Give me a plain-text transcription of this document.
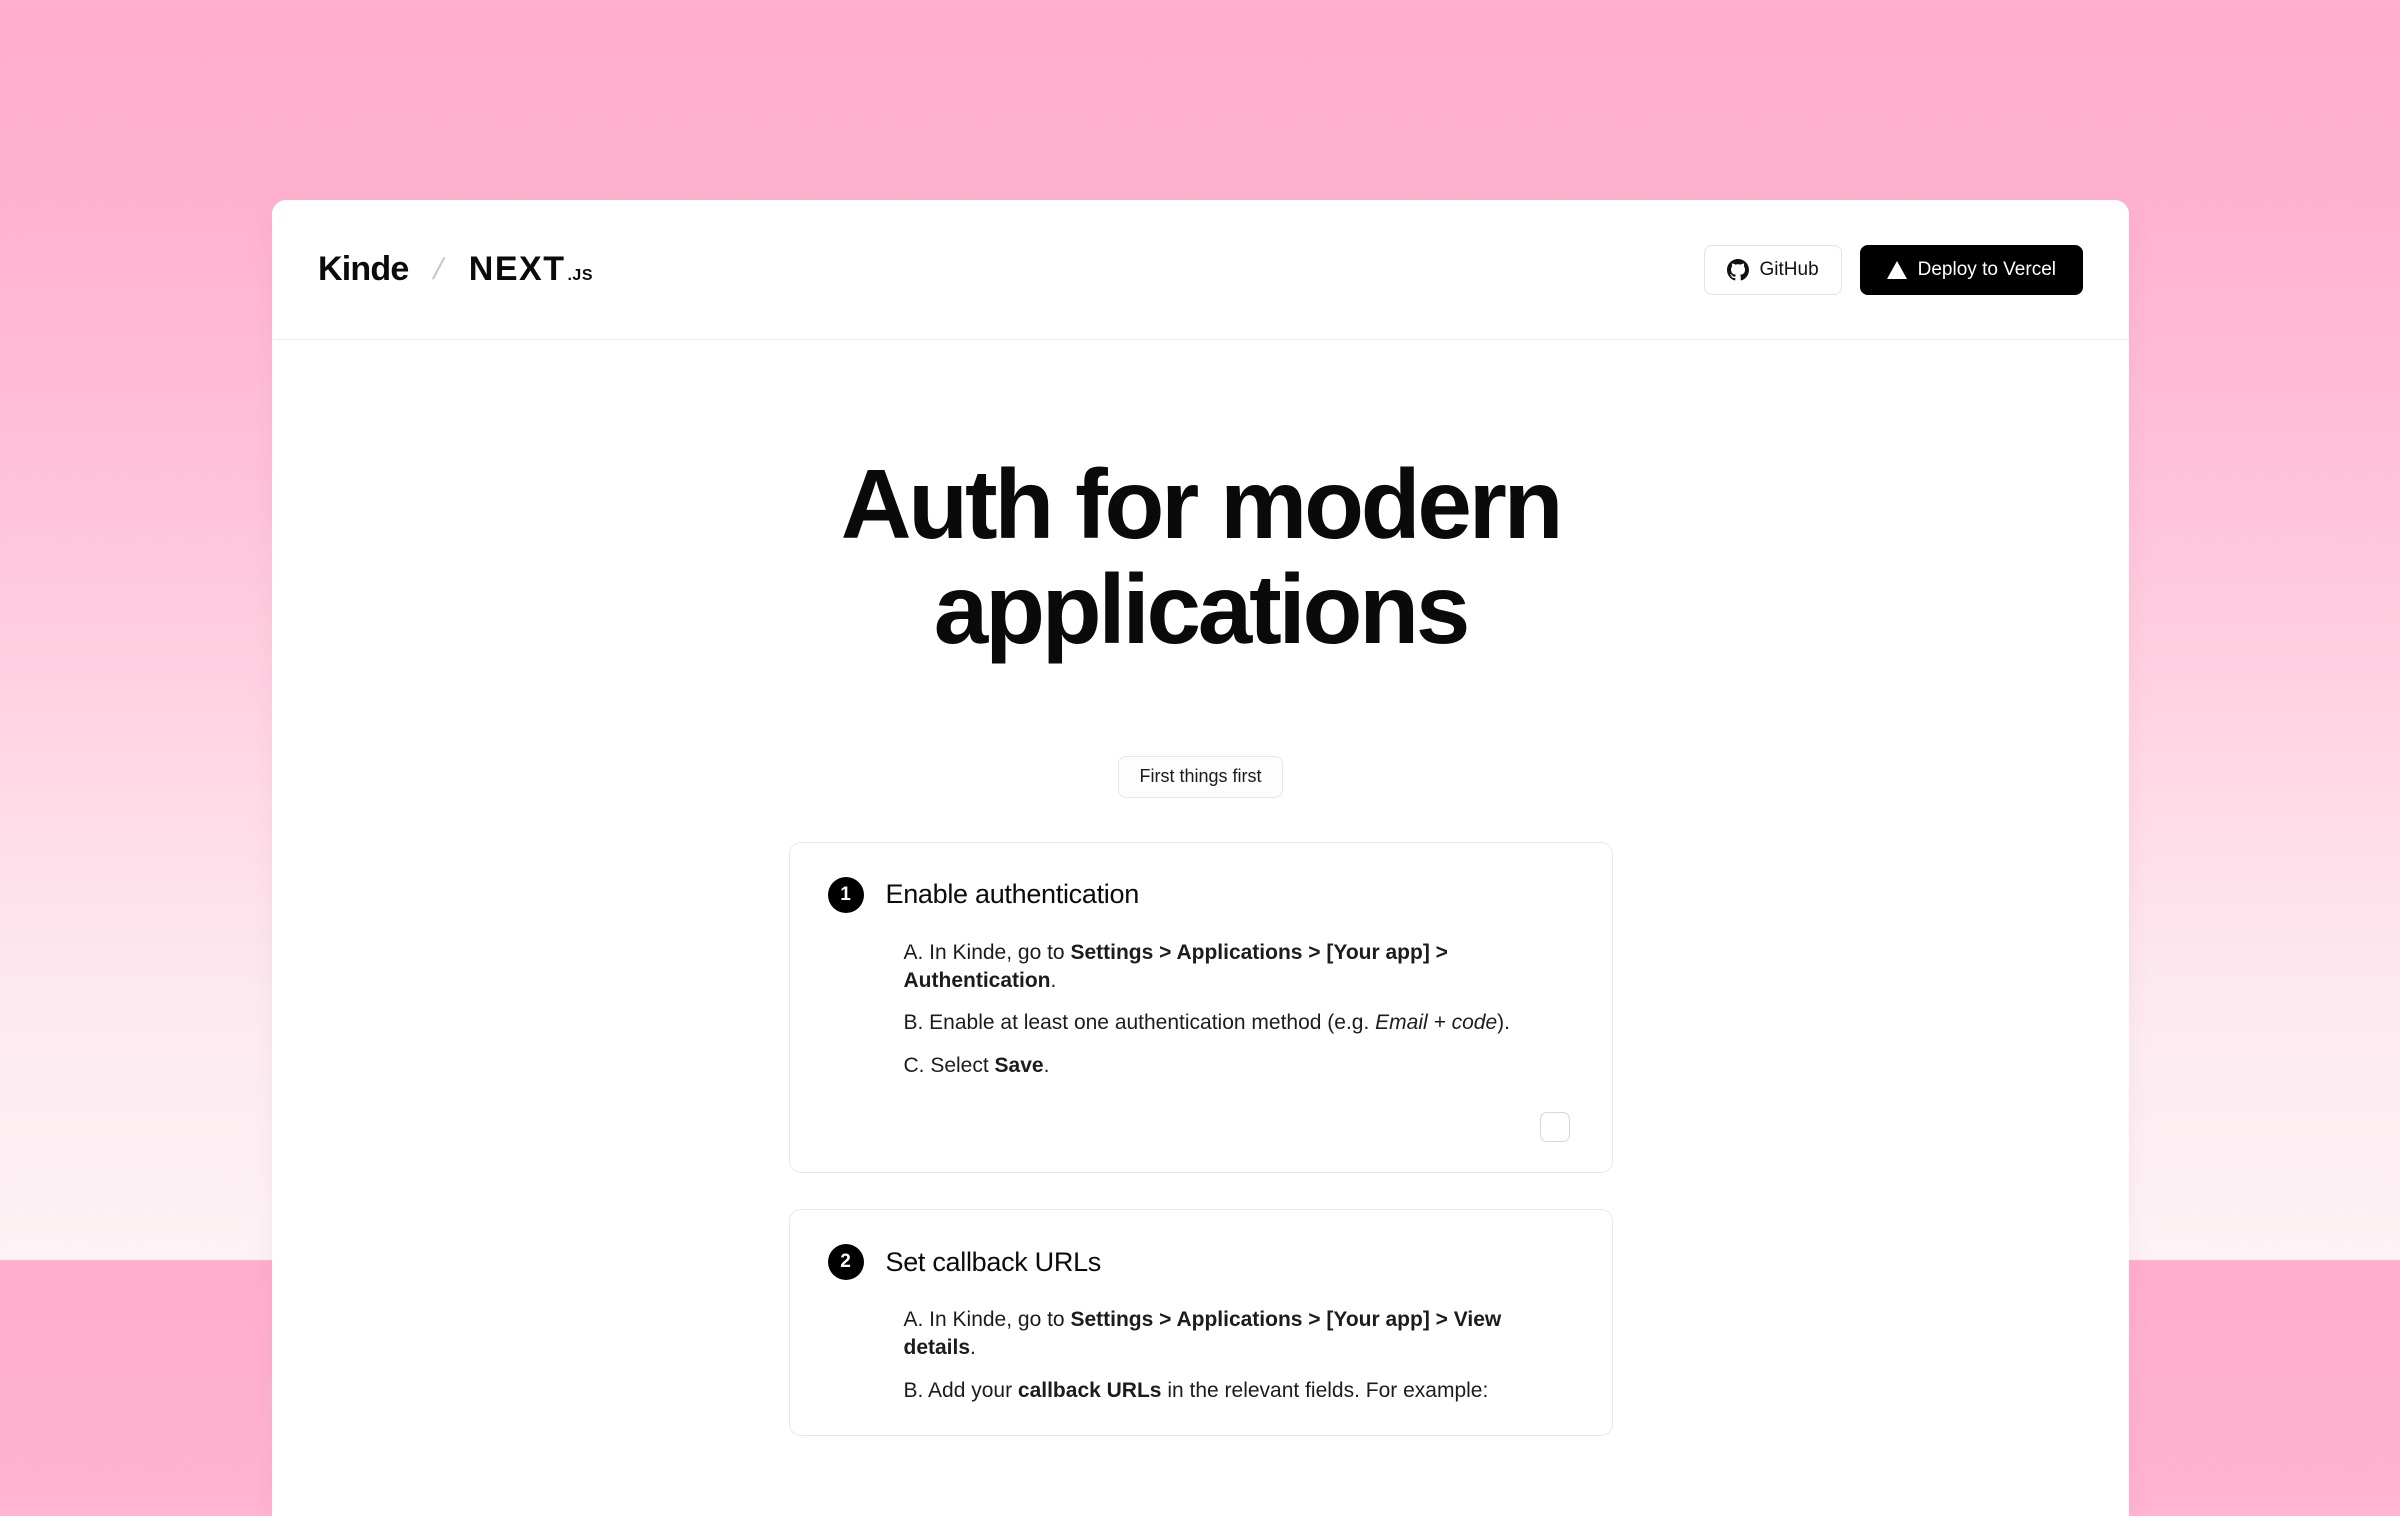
Kinde / NEXT .JS	GitHub	Deploy to Vercel
Auth for modern
applications
First things first
1	Enable authentication
A. In Kinde, go to Settings > Applications > [Your app] > Authentication.
B. Enable at least one authentication method (e.g. Email + code).
C. Select Save.
2	Set callback URLs
A. In Kinde, go to Settings > Applications > [Your app] > View details.
B. Add your callback URLs in the relevant fields. For example:
